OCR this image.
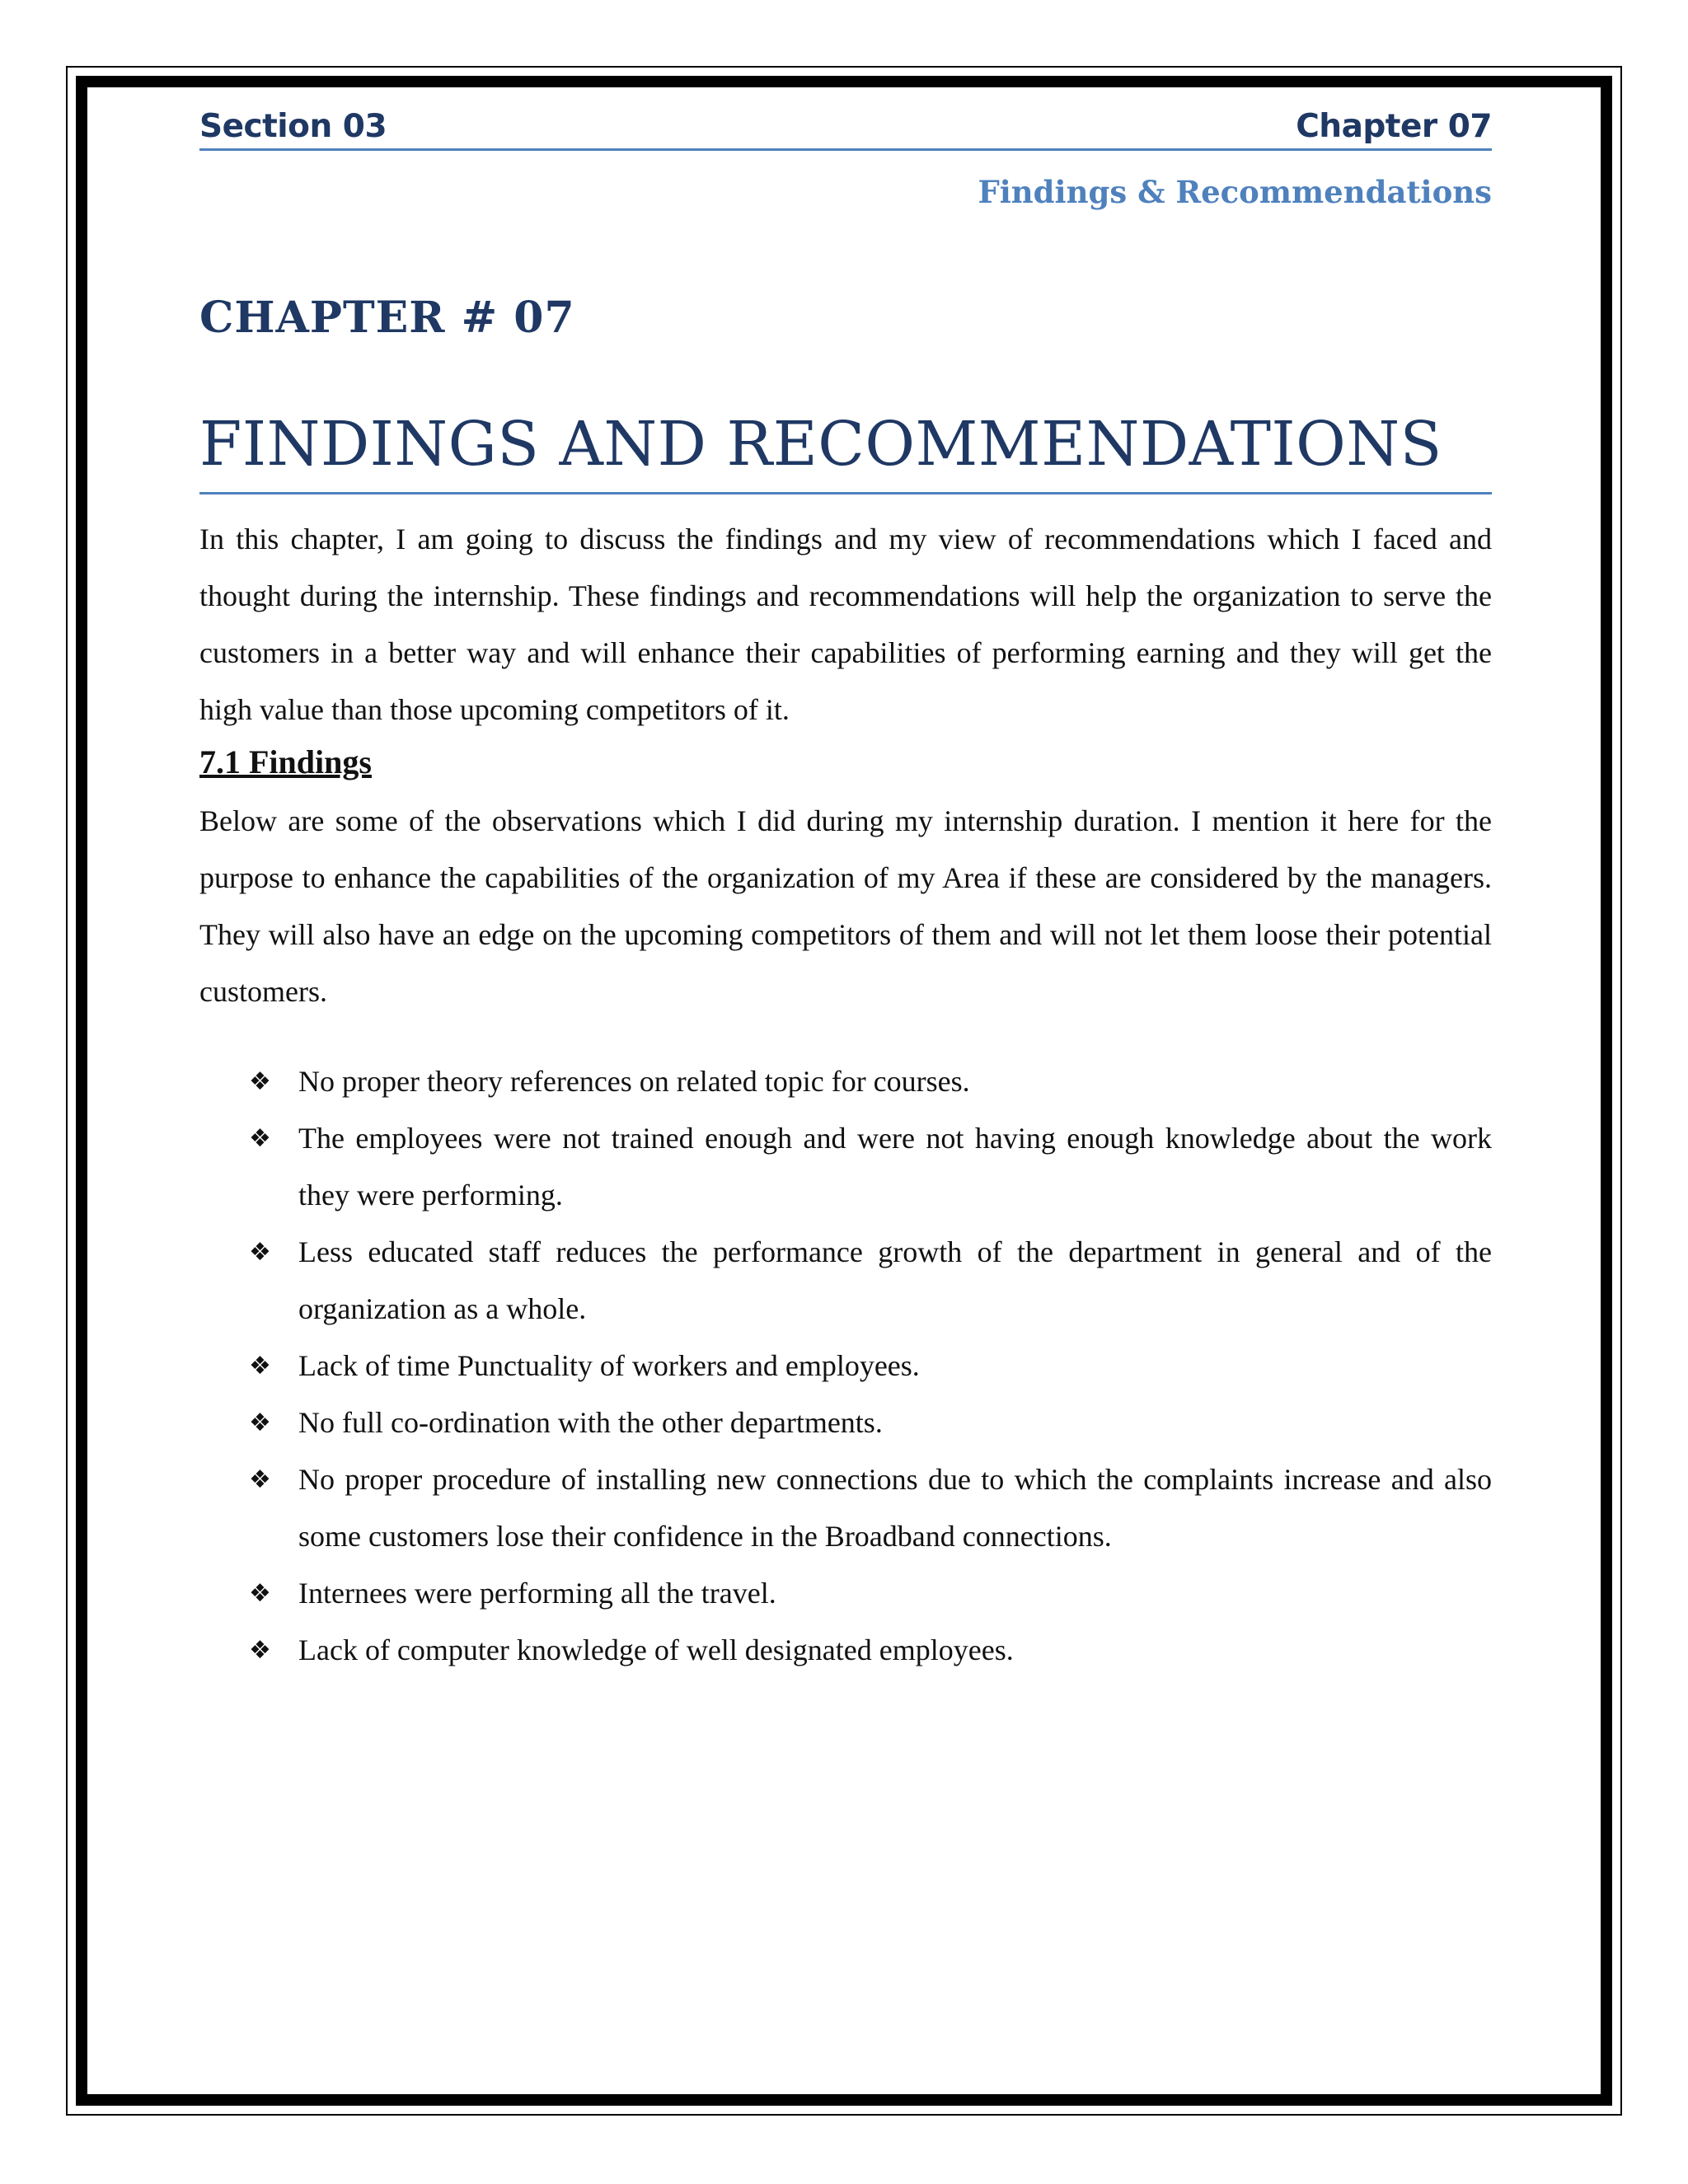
Section 03	Chapter 07
Findings & Recommendations
CHAPTER # 07
FINDINGS AND RECOMMENDATIONS

In this chapter, I am going to discuss the findings and my view of recommendations which I faced and thought during the internship. These findings and recommendations will help the organization to serve the customers in a better way and will enhance their capabilities of performing earning and they will get the high value than those upcoming competitors of it.

7.1 Findings

Below are some of the observations which I did during my internship duration. I mention it here for the purpose to enhance the capabilities of the organization of my Area if these are considered by the managers. They will also have an edge on the upcoming competitors of them and will not let them loose their potential customers.

❖ No proper theory references on related topic for courses.
❖ The employees were not trained enough and were not having enough knowledge about the work they were performing.
❖ Less educated staff reduces the performance growth of the department in general and of the organization as a whole.
❖ Lack of time Punctuality of workers and employees.
❖ No full co-ordination with the other departments.
❖ No proper procedure of installing new connections due to which the complaints increase and also some customers lose their confidence in the Broadband connections.
❖ Internees were performing all the travel.
❖ Lack of computer knowledge of well designated employees.
